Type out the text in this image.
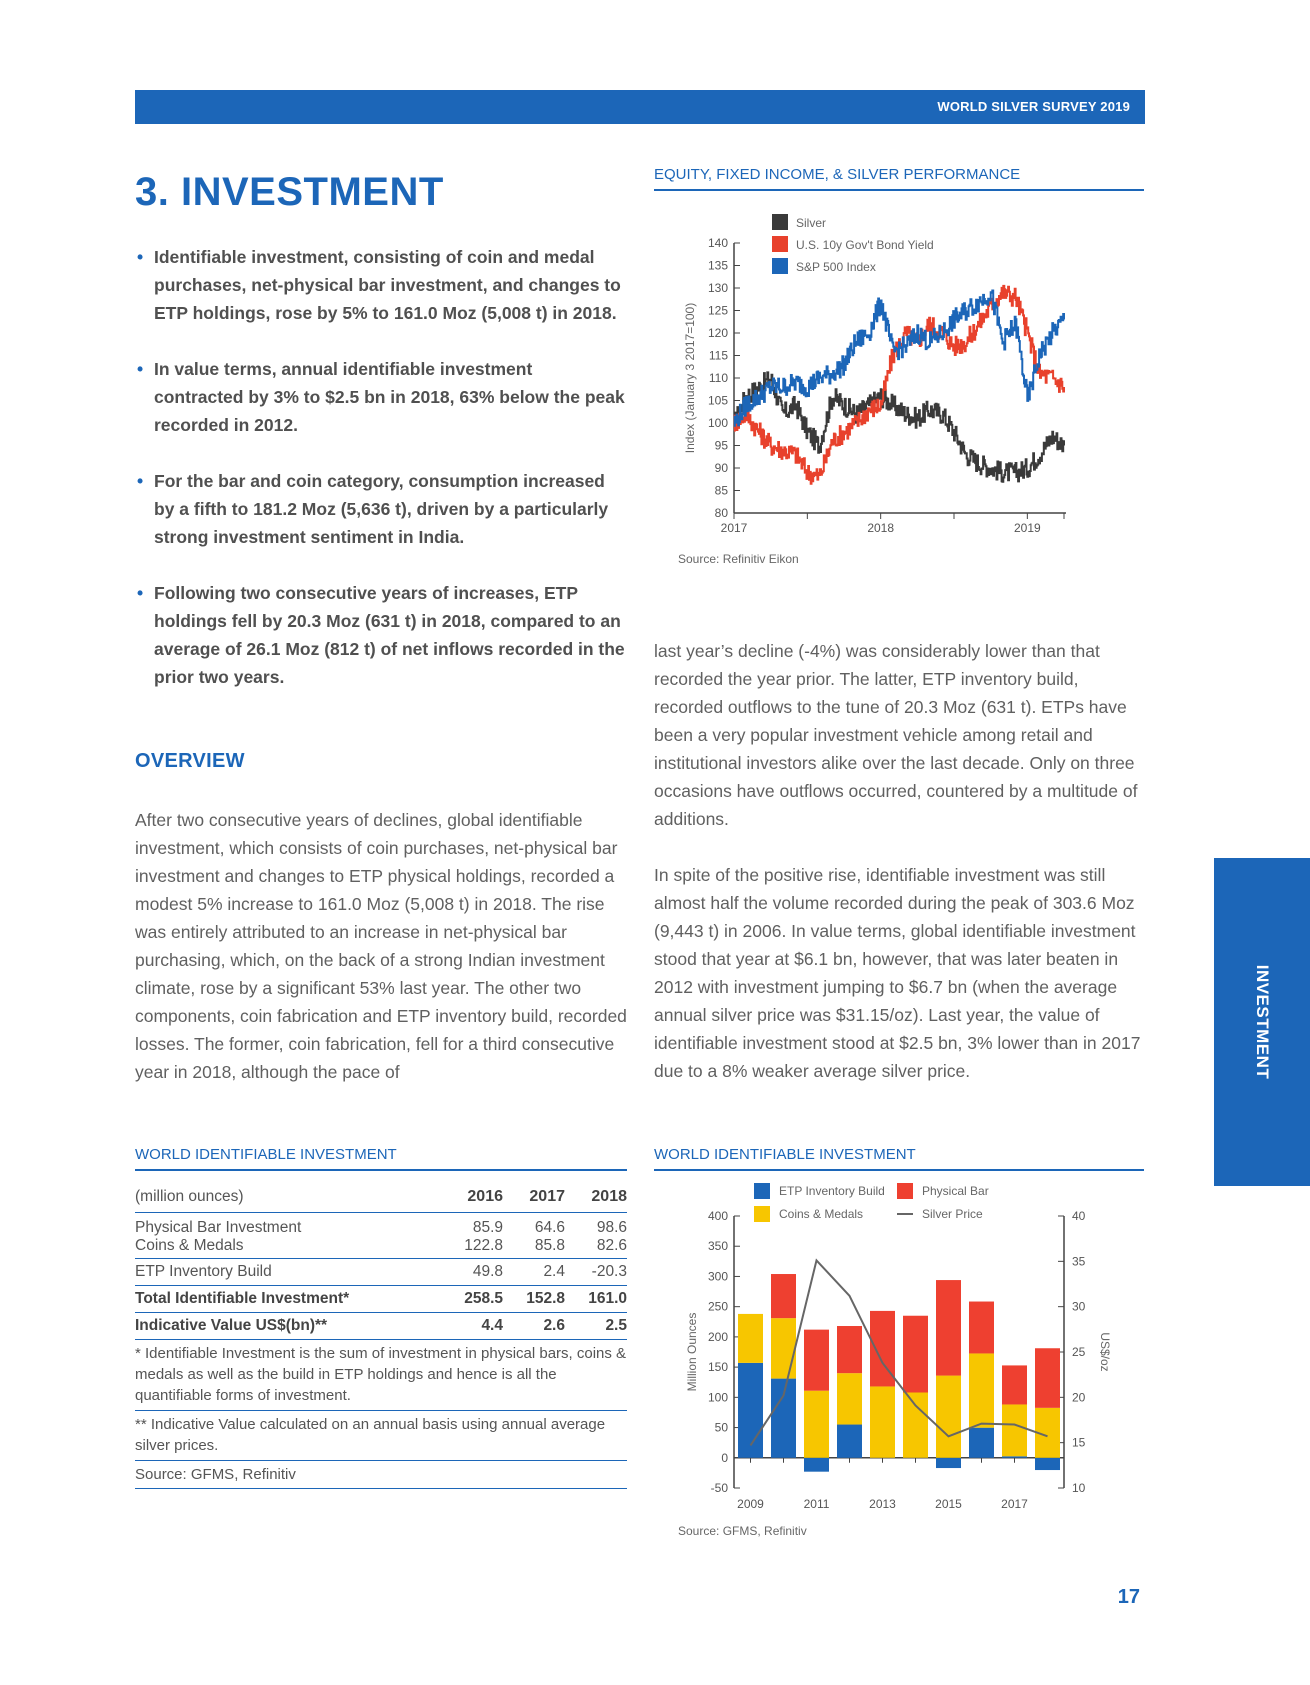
WORLD SILVER SURVEY 2019
INVESTMENT
3. INVESTMENT
• Identifiable investment, consisting of coin and medal purchases, net-physical bar investment, and changes to ETP holdings, rose by 5% to 161.0 Moz (5,008 t) in 2018.
• In value terms, annual identifiable investment contracted by 3% to $2.5 bn in 2018, 63% below the peak recorded in 2012.
• For the bar and coin category, consumption increased by a fifth to 181.2 Moz (5,636 t), driven by a particularly strong investment sentiment in India.
• Following two consecutive years of increases, ETP holdings fell by 20.3 Moz (631 t) in 2018, compared to an average of 26.1 Moz (812 t) of net inflows recorded in the prior two years.
OVERVIEW

After two consecutive years of declines, global identifiable investment, which consists of coin purchases, net-physical bar investment and changes to ETP physical holdings, recorded a modest 5% increase to 161.0 Moz (5,008 t) in 2018. The rise was entirely attributed to an increase in net-physical bar purchasing, which, on the back of a strong Indian investment climate, rose by a significant 53% last year. The other two components, coin fabrication and ETP inventory build, recorded losses. The former, coin fabrication, fell for a third consecutive year in 2018, although the pace of

last year’s decline (-4%) was considerably lower than that recorded the year prior. The latter, ETP inventory build, recorded outflows to the tune of 20.3 Moz (631 t). ETPs have been a very popular investment vehicle among retail and institutional investors alike over the last decade. Only on three occasions have outflows occurred, countered by a multitude of additions.

In spite of the positive rise, identifiable investment was still almost half the volume recorded during the peak of 303.6 Moz (9,443 t) in 2006. In value terms, global identifiable investment stood that year at $6.1 bn, however, that was later beaten in 2012 with investment jumping to $6.7 bn (when the average annual silver price was $31.15/oz). Last year, the value of identifiable investment stood at $2.5 bn, 3% lower than in 2017 due to a 8% weaker average silver price.

EQUITY, FIXED INCOME, & SILVER PERFORMANCE
80
85
90
95
100
105
110
115
120
125
130
135
140
2017	2018	2019
Index (January 3 2017=100)
Silver
U.S. 10y Gov't Bond Yield
S&P 500 Index
Source: Refinitiv Eikon
WORLD IDENTIFIABLE INVESTMENT
(million ounces)	2016	2017	2018
Physical Bar Investment	85.9	64.6	98.6
Coins & Medals	122.8	85.8	82.6
ETP Inventory Build	49.8	2.4	-20.3
Total Identifiable Investment*	258.5	152.8	161.0
Indicative Value US$(bn)**	4.4	2.6	2.5
* Identifiable Investment is the sum of investment in physical bars, coins & medals as well as the build in ETP holdings and hence is all the quantifiable forms of investment.			
** Indicative Value calculated on an annual basis using annual average silver prices.			
Source: GFMS, Refinitiv			
WORLD IDENTIFIABLE INVESTMENT
-50
0
50
100
150
200
250
300
350
400
10
15
20
25
30
35
40
2009	2011	2013	2015	2017
Million Ounces	US$/oz
ETP Inventory Build	Physical Bar
Coins & Medals	Silver Price
Source: GFMS, Refinitiv
17
